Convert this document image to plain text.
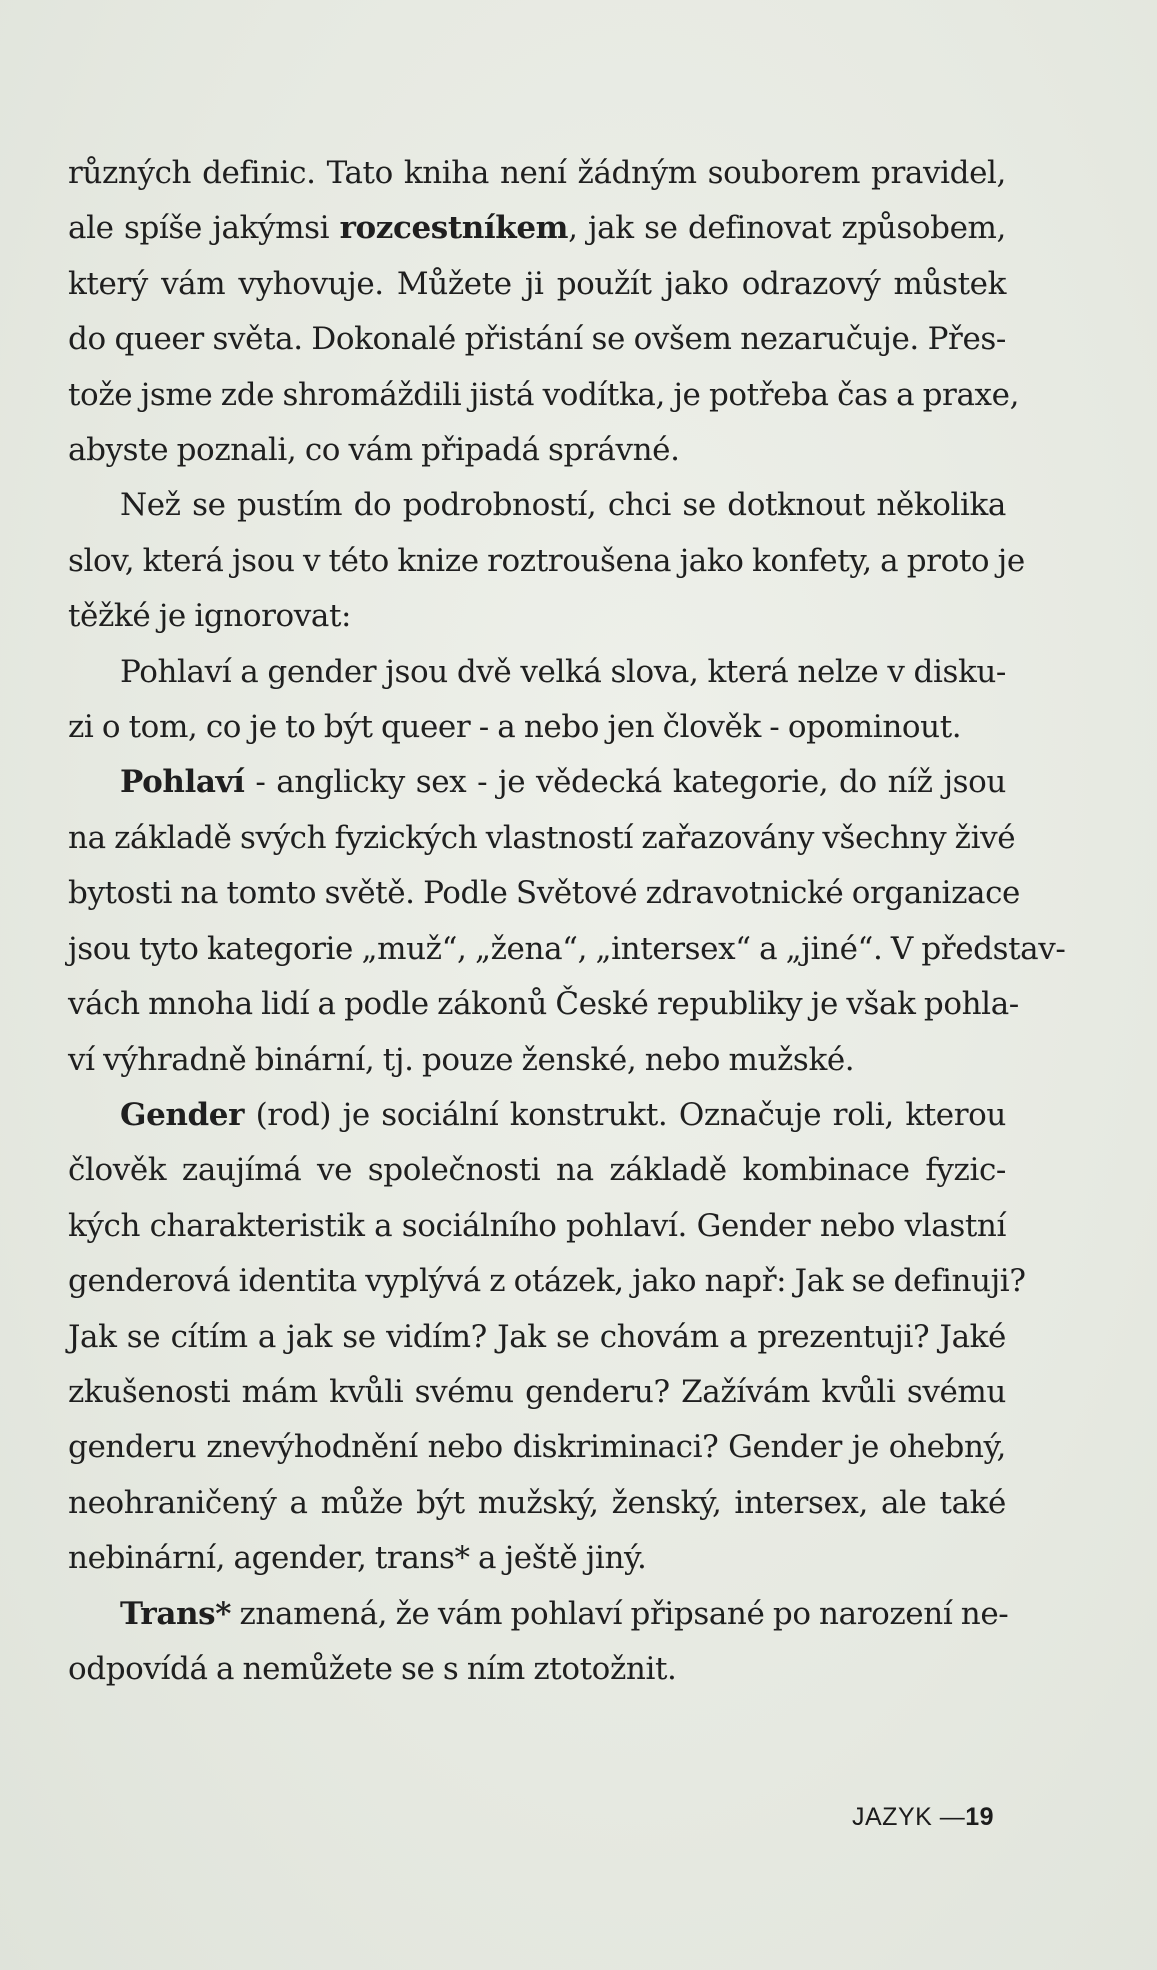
různých definic. Tato kniha není žádným souborem pravidel,
ale spíše jakýmsi rozcestníkem, jak se definovat způsobem,
který vám vyhovuje. Můžete ji použít jako odrazový můstek
do queer světa. Dokonalé přistání se ovšem nezaručuje. Přes-
tože jsme zde shromáždili jistá vodítka, je potřeba čas a praxe,
abyste poznali, co vám připadá správné.
Než se pustím do podrobností, chci se dotknout několika
slov, která jsou v této knize roztroušena jako konfety, a proto je
těžké je ignorovat:
Pohlaví a gender jsou dvě velká slova, která nelze v disku-
zi o tom, co je to být queer - a nebo jen člověk - opominout.
Pohlaví - anglicky sex - je vědecká kategorie, do níž jsou
na základě svých fyzických vlastností zařazovány všechny živé
bytosti na tomto světě. Podle Světové zdravotnické organizace
jsou tyto kategorie „muž“, „žena“, „intersex“ a „jiné“. V představ-
vách mnoha lidí a podle zákonů České republiky je však pohla-
ví výhradně binární, tj. pouze ženské, nebo mužské.
Gender (rod) je sociální konstrukt. Označuje roli, kterou
člověk zaujímá ve společnosti na základě kombinace fyzic-
kých charakteristik a sociálního pohlaví. Gender nebo vlastní
genderová identita vyplývá z otázek, jako např: Jak se definuji?
Jak se cítím a jak se vidím? Jak se chovám a prezentuji? Jaké
zkušenosti mám kvůli svému genderu? Zažívám kvůli svému
genderu znevýhodnění nebo diskriminaci? Gender je ohebný,
neohraničený a může být mužský, ženský, intersex, ale také
nebinární, agender, trans* a ještě jiný.
Trans* znamená, že vám pohlaví připsané po narození ne-
odpovídá a nemůžete se s ním ztotožnit.
JAZYK —19
